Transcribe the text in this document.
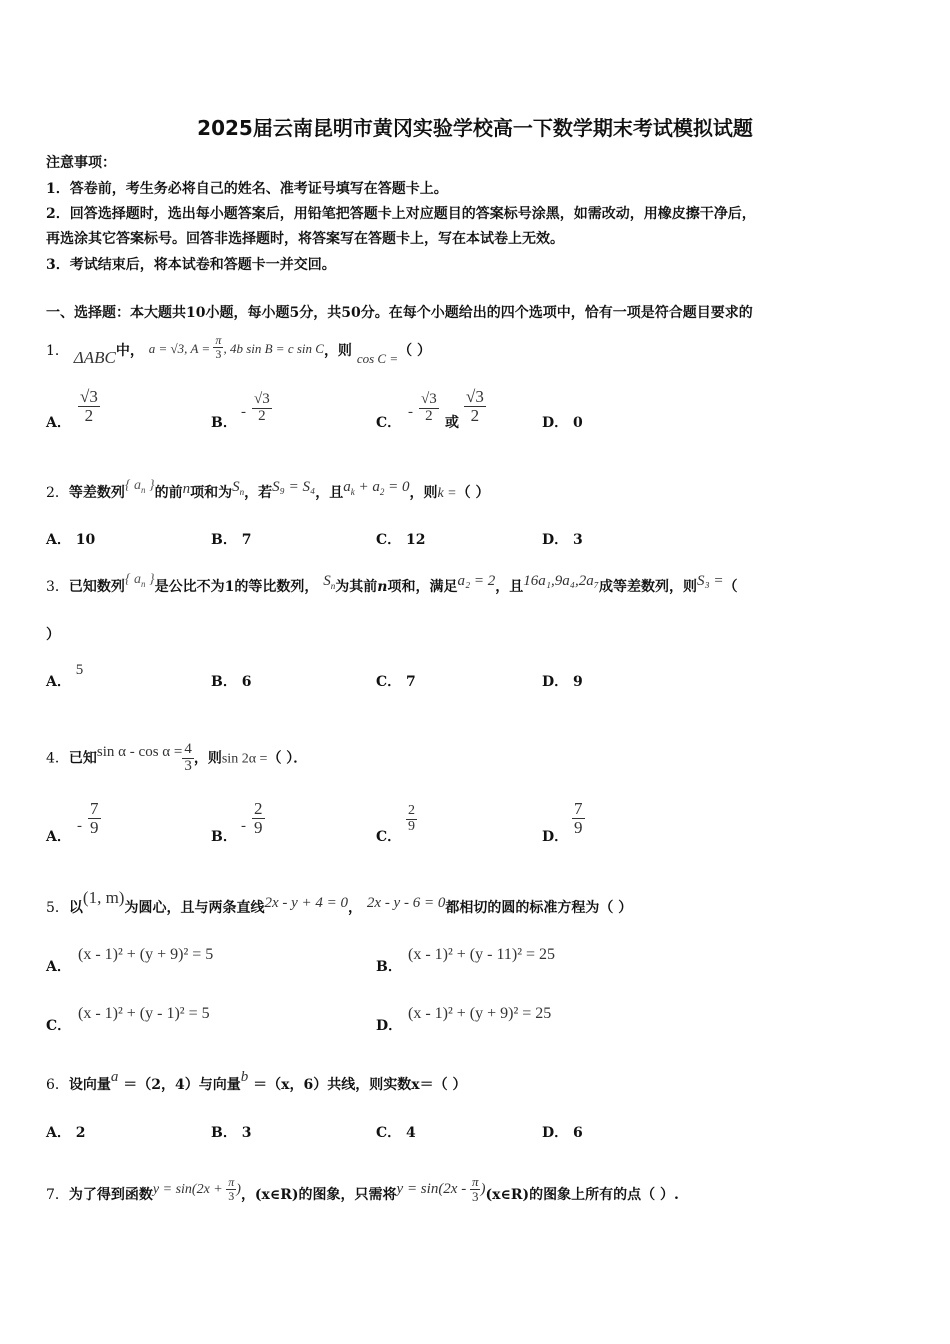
2025届云南昆明市黄冈实验学校高一下数学期末考试模拟试题
注意事项：
1．答卷前，考生务必将自己的姓名、准考证号填写在答题卡上。
2．回答选择题时，选出每小题答案后，用铅笔把答题卡上对应题目的答案标号涂黑，如需改动，用橡皮擦干净后，
再选涂其它答案标号。回答非选择题时，将答案写在答题卡上，写在本试卷上无效。
3．考试结束后，将本试卷和答题卡一并交回。
一、选择题：本大题共10小题，每小题5分，共50分。在每个小题给出的四个选项中，恰有一项是符合题目要求的
1． ΔABC中， a = √3, $A = \frac{\pi}{3}$ , 4b sin B = c sin C，则 cos C =（ ）
A． $\frac{√3}{2}$	B．
- $\frac{√3}{2}$	C．
- $\frac{√3}{2}$ 或 $\frac{√3}{2}$	D． 0
2．等差数列{ $a_n$ }的前n项和为$S_n$，若S₉ = S₄，且$a_k + a_2 = 0$，则k =（ ）
A． 10	B． 7	C． 12	D． 3
3．已知数列{ $a_n$ }是公比不为1的等比数列， $S_n$为其前n项和，满足a₂ = 2，且16a₁,9a₄,2a₇成等差数列，则S₃ =（
）
A． 5
B． 6	C． 7	D． 9
4．已知$\sin \alpha - \cos \alpha = \frac{4}{3}$ ，则sin 2α =（ ）．
A．
- $\frac{7}{9}$
B．
- $\frac{2}{9}$
C．
$\frac{2}{9}$
D．
$\frac{7}{9}$
5．以(1, m)为圆心，且与两条直线2x - y + 4 = 0， 2x - y - 6 = 0都相切的圆的标准方程为（ ）
A．
(x - 1)² + (y + 9)² = 5
B．
(x - 1)² + (y - 11)² = 25
C．
(x - 1)² + (y - 1)² = 5
D．
(x - 1)² + (y + 9)² = 25
6．设向量a ＝（2，4）与向量b ＝（x，6）共线，则实数x＝（ ）
A． 2	B． 3	C． 4	D． 6
7．为了得到函数$y = \sin(2x + \frac{\pi}{3}$ )，(x∈R)的图象，只需将$y = \sin(2x - \frac{\pi}{3}$ )(x∈R)的图象上所有的点（ ）.
